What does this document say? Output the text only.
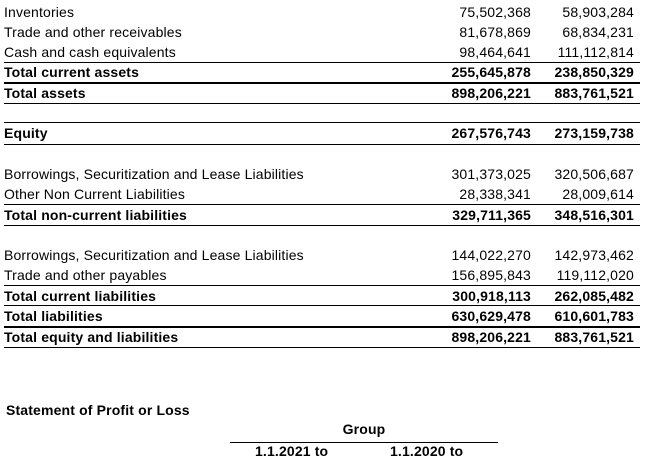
Inventories	75,502,368 58,903,284
Trade and other receivables	81,678,869 68,834,231
Cash and cash equivalents	98,464,641 111,112,814
Total current assets	255,645,878 238,850,329
Total assets	898,206,221 883,761,521
Equity	267,576,743 273,159,738
Borrowings, Securitization and Lease Liabilities	301,373,025 320,506,687
Other Non Current Liabilities	28,338,341 28,009,614
Total non-current liabilities	329,711,365 348,516,301
Borrowings, Securitization and Lease Liabilities	144,022,270 142,973,462
Trade and other payables	156,895,843 119,112,020
Total current liabilities	300,918,113 262,085,482
Total liabilities	630,629,478 610,601,783
Total equity and liabilities	898,206,221 883,761,521
Statement of Profit or Loss
Group
1.1.2021 to	1.1.2020 to
